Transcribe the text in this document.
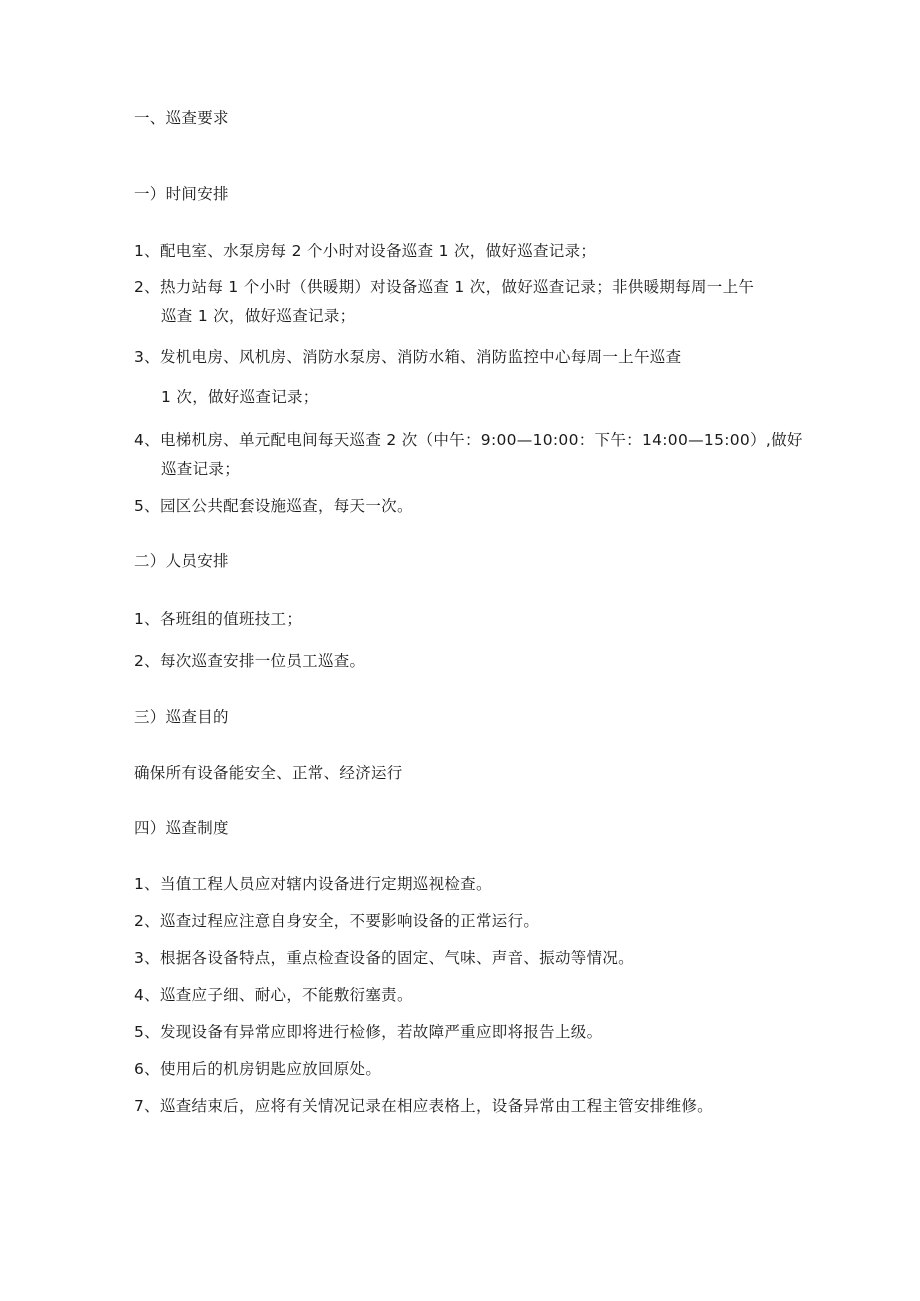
一、巡查要求
一）时间安排
1、配电室、水泵房每 2 个小时对设备巡查 1 次，做好巡查记录；
2、热力站每 1 个小时（供暖期）对设备巡查 1 次，做好巡查记录；非供暖期每周一上午
巡查 1 次，做好巡查记录；
3、发机电房、风机房、消防水泵房、消防水箱、消防监控中心每周一上午巡查
1 次，做好巡查记录；
4、电梯机房、单元配电间每天巡查 2 次（中午：9:00—10:00：下午：14:00—15:00）,做好
巡查记录；
5、园区公共配套设施巡查，每天一次。
二）人员安排
1、各班组的值班技工；
2、每次巡查安排一位员工巡查。
三）巡查目的
确保所有设备能安全、正常、经济运行
四）巡查制度
1、当值工程人员应对辖内设备进行定期巡视检查。
2、巡查过程应注意自身安全，不要影响设备的正常运行。
3、根据各设备特点，重点检查设备的固定、气味、声音、振动等情况。
4、巡查应子细、耐心，不能敷衍塞责。
5、发现设备有异常应即将进行检修，若故障严重应即将报告上级。
6、使用后的机房钥匙应放回原处。
7、巡查结束后，应将有关情况记录在相应表格上，设备异常由工程主管安排维修。
